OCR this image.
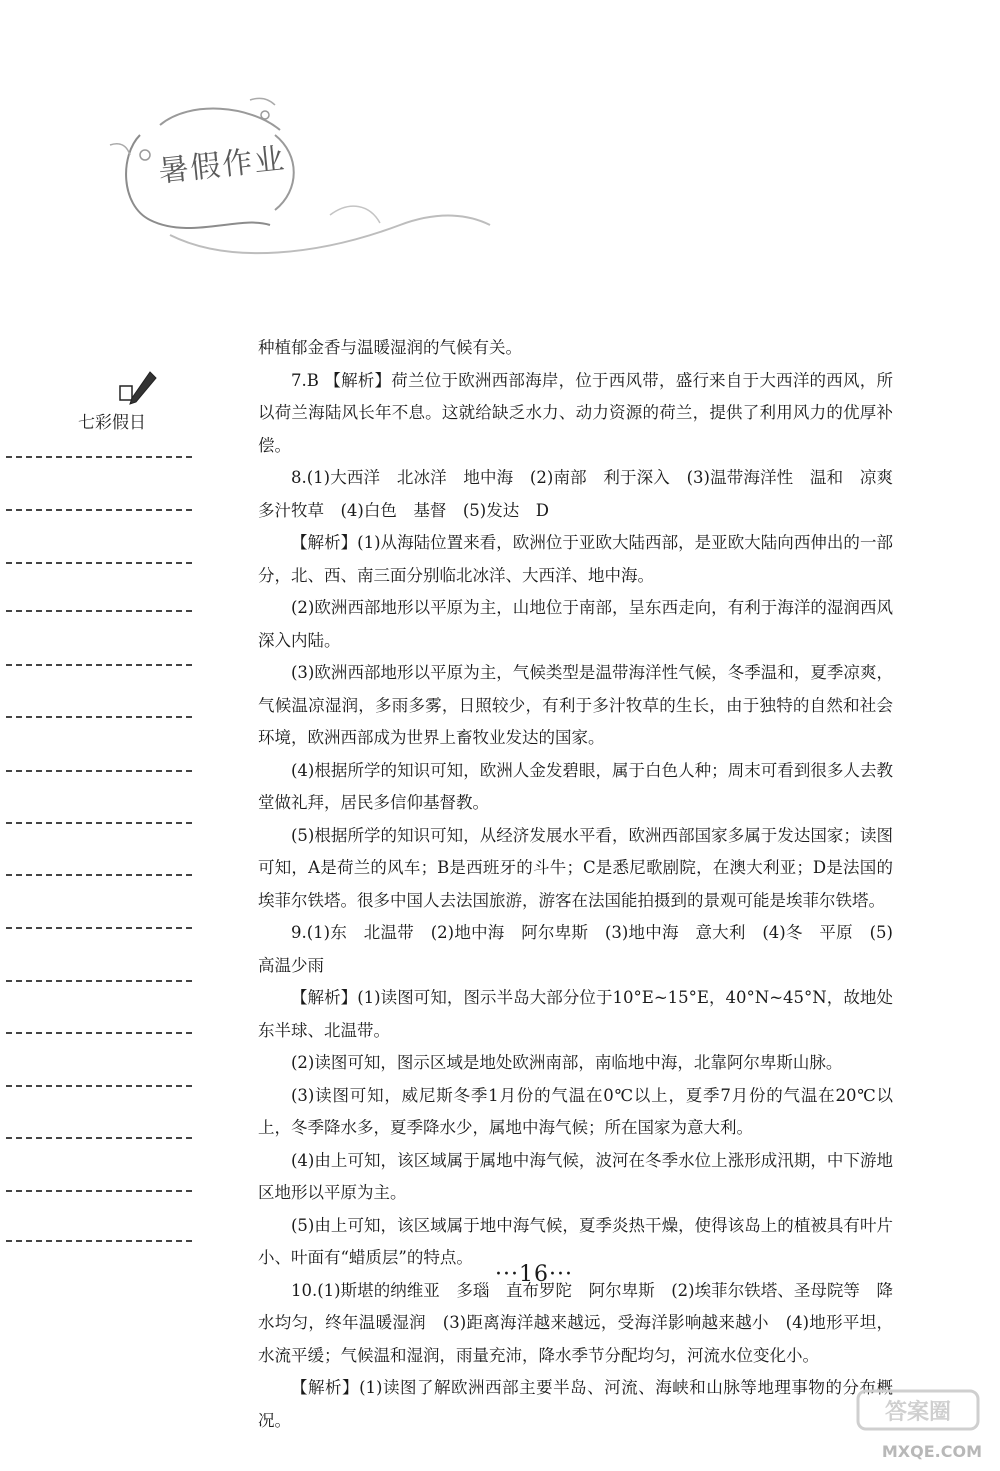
暑假作业
七彩假日

种植郁金香与温暖湿润的气候有关。

7.B 【解析】荷兰位于欧洲西部海岸，位于西风带，盛行来自于大西洋的西风，所以荷兰海陆风长年不息。这就给缺乏水力、动力资源的荷兰，提供了利用风力的优厚补偿。

8.(1)大西洋　北冰洋　地中海　(2)南部　利于深入　(3)温带海洋性　温和　凉爽　多汁牧草　(4)白色　基督　(5)发达　D

【解析】(1)从海陆位置来看，欧洲位于亚欧大陆西部，是亚欧大陆向西伸出的一部分，北、西、南三面分别临北冰洋、大西洋、地中海。

(2)欧洲西部地形以平原为主，山地位于南部，呈东西走向，有利于海洋的湿润西风深入内陆。

(3)欧洲西部地形以平原为主，气候类型是温带海洋性气候，冬季温和，夏季凉爽，气候温凉湿润，多雨多雾，日照较少，有利于多汁牧草的生长，由于独特的自然和社会环境，欧洲西部成为世界上畜牧业发达的国家。

(4)根据所学的知识可知，欧洲人金发碧眼，属于白色人种；周末可看到很多人去教堂做礼拜，居民多信仰基督教。

(5)根据所学的知识可知，从经济发展水平看，欧洲西部国家多属于发达国家；读图可知，A是荷兰的风车；B是西班牙的斗牛；C是悉尼歌剧院，在澳大利亚；D是法国的埃菲尔铁塔。很多中国人去法国旅游，游客在法国能拍摄到的景观可能是埃菲尔铁塔。

9.(1)东　北温带　(2)地中海　阿尔卑斯　(3)地中海　意大利　(4)冬　平原　(5)高温少雨

【解析】(1)读图可知，图示半岛大部分位于10°E~15°E，40°N~45°N，故地处东半球、北温带。

(2)读图可知，图示区域是地处欧洲南部，南临地中海，北靠阿尔卑斯山脉。

(3)读图可知，威尼斯冬季1月份的气温在0℃以上，夏季7月份的气温在20℃以上，冬季降水多，夏季降水少，属地中海气候；所在国家为意大利。

(4)由上可知，该区域属于属地中海气候，波河在冬季水位上涨形成汛期，中下游地区地形以平原为主。

(5)由上可知，该区域属于地中海气候，夏季炎热干燥，使得该岛上的植被具有叶片小、叶面有“蜡质层”的特点。

10.(1)斯堪的纳维亚　多瑙　直布罗陀　阿尔卑斯　(2)埃菲尔铁塔、圣母院等　降水均匀，终年温暖湿润　(3)距离海洋越来越远，受海洋影响越来越小　(4)地形平坦，水流平缓；气候温和湿润，雨量充沛，降水季节分配均匀，河流水位变化小。

【解析】(1)读图了解欧洲西部主要半岛、河流、海峡和山脉等地理事物的分布概况。

···16···
答案圈
MXQE.COM
